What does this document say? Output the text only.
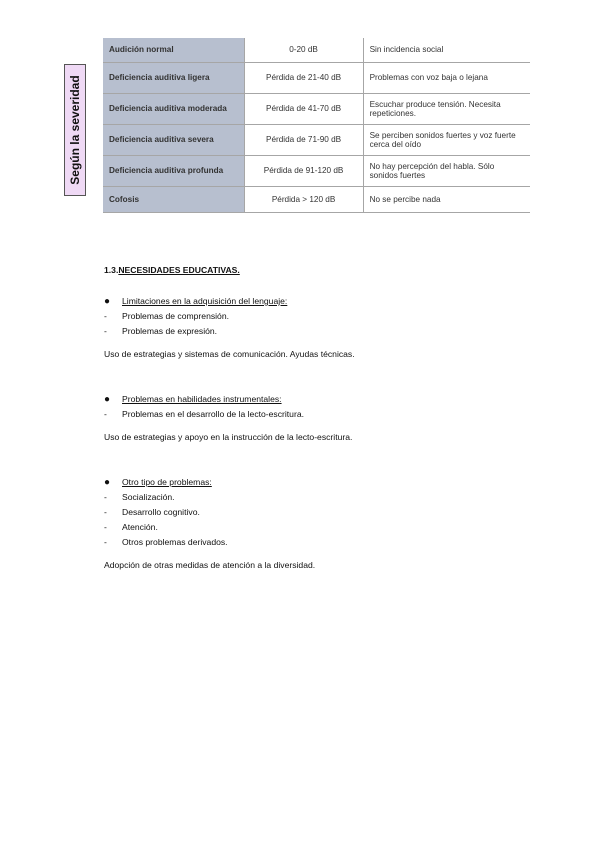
Según la severidad
Audición normal	0-20 dB	Sin incidencia social
Deficiencia auditiva ligera	Pérdida de 21-40 dB	Problemas con voz baja o lejana
Deficiencia auditiva moderada	Pérdida de 41-70 dB	Escuchar produce tensión. Necesita repeticiones.
Deficiencia auditiva severa	Pérdida de 71-90 dB	Se perciben sonidos fuertes y voz fuerte cerca del oído
Deficiencia auditiva profunda	Pérdida de 91-120 dB	No hay percepción del habla. Sólo sonidos fuertes
Cofosis	Pérdida > 120 dB	No se percibe nada
1.3.NECESIDADES EDUCATIVAS.
● Limitaciones en la adquisición del lenguaje:
- Problemas de comprensión.
- Problemas de expresión.
Uso de estrategias y sistemas de comunicación. Ayudas técnicas.
● Problemas en habilidades instrumentales:
- Problemas en el desarrollo de la lecto-escritura.
Uso de estrategias y apoyo en la instrucción de la lecto-escritura.
● Otro tipo de problemas:
- Socialización.
- Desarrollo cognitivo.
- Atención.
- Otros problemas derivados.
Adopción de otras medidas de atención a la diversidad.
